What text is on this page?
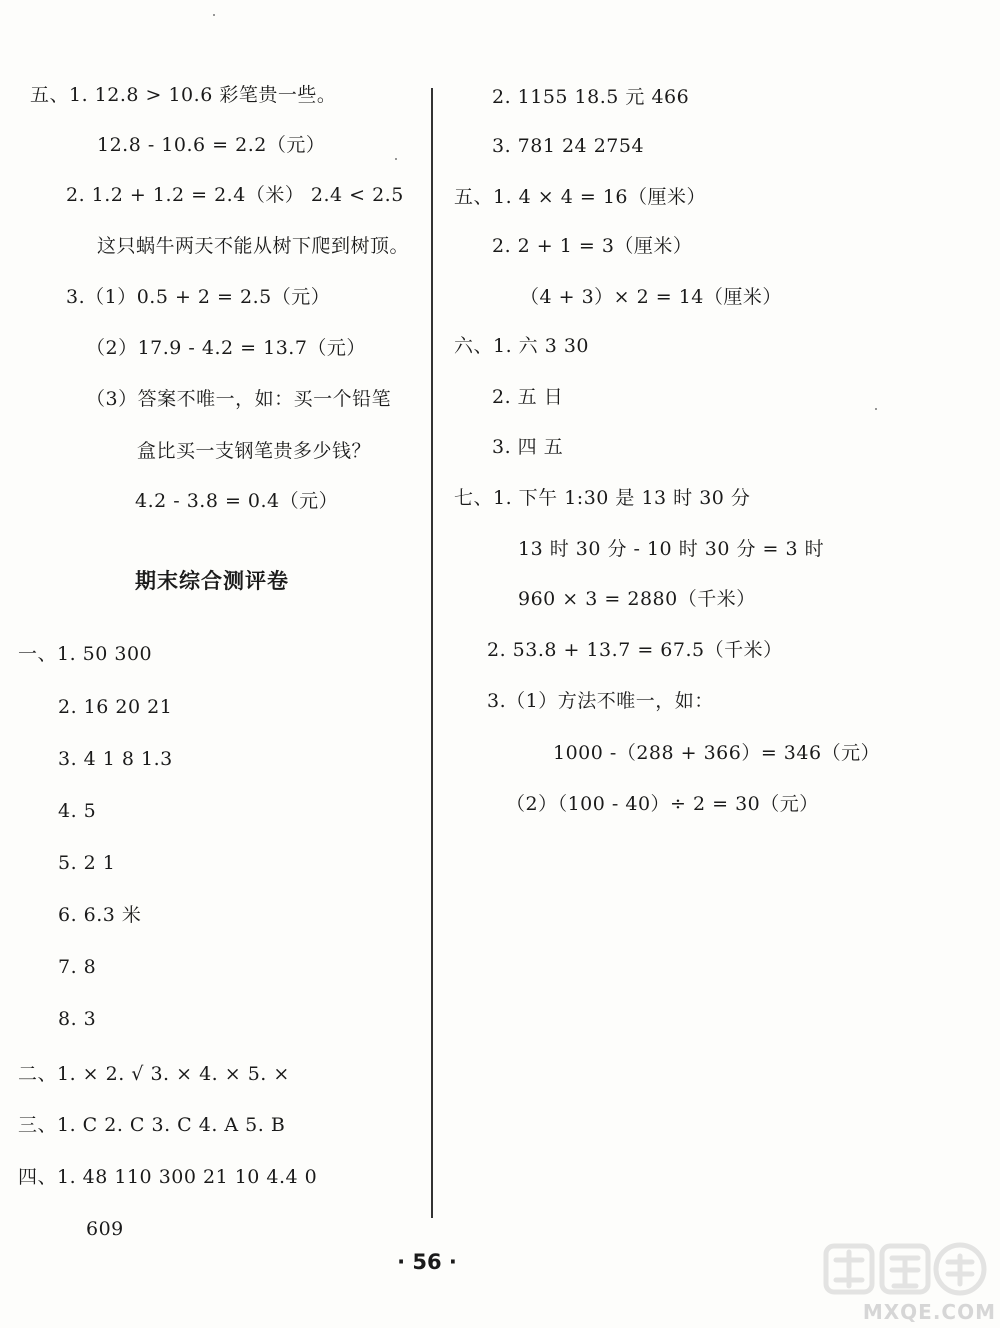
五、1. 12.8 > 10.6 彩笔贵一些。
12.8 - 10.6 = 2.2（元）
2. 1.2 + 1.2 = 2.4（米） 2.4 < 2.5
这只蜗牛两天不能从树下爬到树顶。
3.（1）0.5 + 2 = 2.5（元）
（2）17.9 - 4.2 = 13.7（元）
（3）答案不唯一，如：买一个铅笔
盒比买一支钢笔贵多少钱？
4.2 - 3.8 = 0.4（元）
期末综合测评卷
一、1. 50 300
2. 16 20 21
3. 4 1 8 1.3
4. 5
5. 2 1
6. 6.3 米
7. 8
8. 3
二、1. × 2. √ 3. × 4. × 5. ×
三、1. C 2. C 3. C 4. A 5. B
四、1. 48 110 300 21 10 4.4 0
609
2. 1155 18.5 元 466
3. 781 24 2754
五、1. 4 × 4 = 16（厘米）
2. 2 + 1 = 3（厘米）
（4 + 3）× 2 = 14（厘米）
六、1. 六 3 30
2. 五 日
3. 四 五
七、1. 下午 1:30 是 13 时 30 分
13 时 30 分 - 10 时 30 分 = 3 时
960 × 3 = 2880（千米）
2. 53.8 + 13.7 = 67.5（千米）
3.（1）方法不唯一，如：
1000 -（288 + 366）= 346（元）
（2）（100 - 40）÷ 2 = 30（元）
· 56 ·
MXQE.COM
